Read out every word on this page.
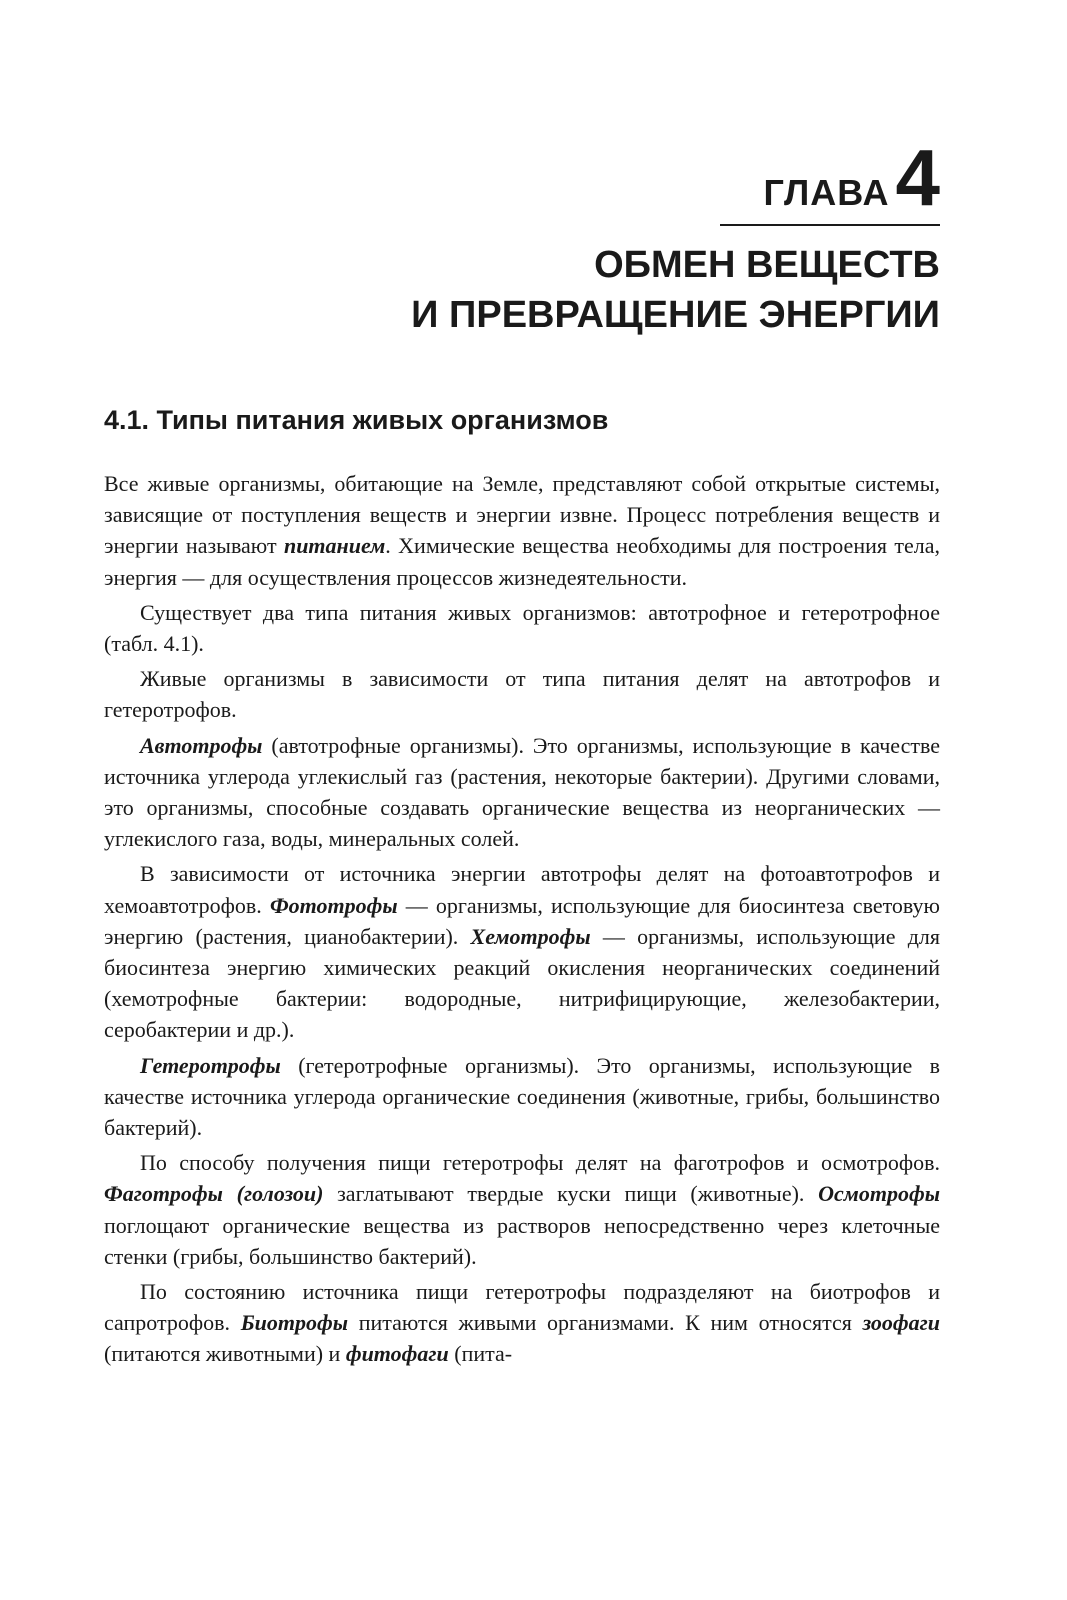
ГЛАВА4
ОБМЕН ВЕЩЕСТВ
И ПРЕВРАЩЕНИЕ ЭНЕРГИИ
4.1. Типы питания живых организмов

Все живые организмы, обитающие на Земле, представляют собой открытые системы, зависящие от поступления веществ и энергии извне. Процесс потребления веществ и энергии называют питанием. Химические вещества необходимы для построения тела, энергия — для осуществления процессов жизнедеятельности.

Существует два типа питания живых организмов: автотрофное и гетеротрофное (табл. 4.1).

Живые организмы в зависимости от типа питания делят на автотрофов и гетеротрофов.

Автотрофы (автотрофные организмы). Это организмы, использующие в качестве источника углерода углекислый газ (растения, некоторые бактерии). Другими словами, это организмы, способные создавать органические вещества из неорганических — углекислого газа, воды, минеральных солей.

В зависимости от источника энергии автотрофы делят на фотоавтотрофов и хемоавтотрофов. Фототрофы — организмы, использующие для биосинтеза световую энергию (растения, цианобактерии). Хемотрофы — организмы, использующие для биосинтеза энергию химических реакций окисления неорганических соединений (хемотрофные бактерии: водородные, нитрифицирующие, железобактерии, серобактерии и др.).

Гетеротрофы (гетеротрофные организмы). Это организмы, использующие в качестве источника углерода органические соединения (животные, грибы, большинство бактерий).

По способу получения пищи гетеротрофы делят на фаготрофов и осмотрофов. Фаготрофы (голозои) заглатывают твердые куски пищи (животные). Осмотрофы поглощают органические вещества из растворов непосредственно через клеточные стенки (грибы, большинство бактерий).

По состоянию источника пищи гетеротрофы подразделяют на биотрофов и сапротрофов. Биотрофы питаются живыми организмами. К ним относятся зоофаги (питаются животными) и фитофаги (пита-
